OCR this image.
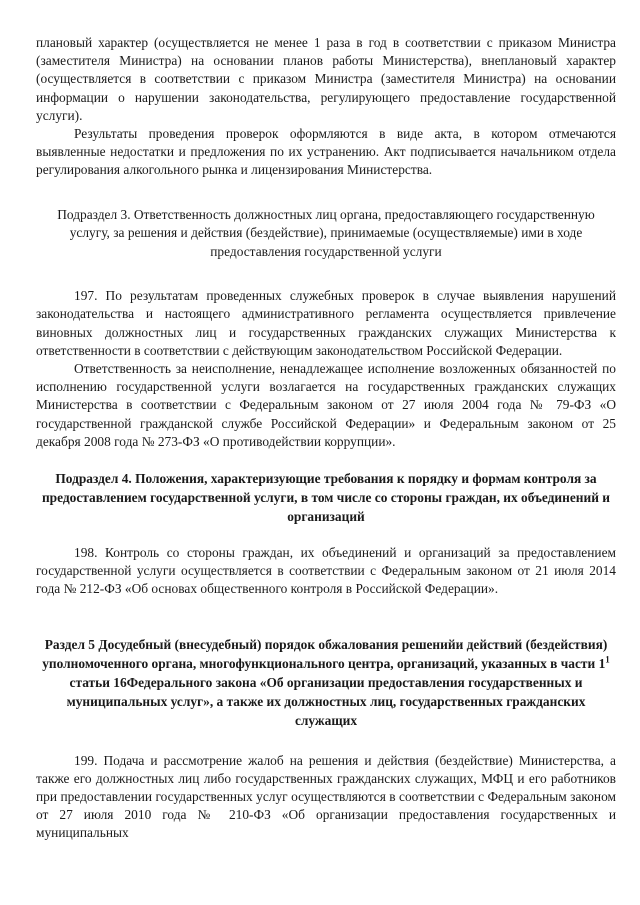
плановый характер (осуществляется не менее 1 раза в год в соответствии с приказом Министра (заместителя Министра) на основании планов работы Министерства), внеплановый характер (осуществляется в соответствии с приказом Министра (заместителя Министра) на основании информации о нарушении законодательства, регулирующего предоставление государственной услуги).

Результаты проведения проверок оформляются в виде акта, в котором отмечаются выявленные недостатки и предложения по их устранению. Акт подписывается начальником отдела регулирования алкогольного рынка и лицензирования Министерства.

Подраздел 3. Ответственность должностных лиц органа, предоставляющего государственную услугу, за решения и действия (бездействие), принимаемые (осуществляемые) ими в ходе предоставления государственной услуги

197. По результатам проведенных служебных проверок в случае выявления нарушений законодательства и настоящего административного регламента осуществляется привлечение виновных должностных лиц и государственных гражданских служащих Министерства к ответственности в соответствии с действующим законодательством Российской Федерации.

Ответственность за неисполнение, ненадлежащее исполнение возложенных обязанностей по исполнению государственной услуги возлагается на государственных гражданских служащих Министерства в соответствии с Федеральным законом от 27 июля 2004 года № 79-ФЗ «О государственной гражданской службе Российской Федерации» и Федеральным законом от 25 декабря 2008 года № 273-ФЗ «О противодействии коррупции».

Подраздел 4. Положения, характеризующие требования к порядку и формам контроля за предоставлением государственной услуги, в том числе со стороны граждан, их объединений и организаций

198. Контроль со стороны граждан, их объединений и организаций за предоставлением государственной услуги осуществляется в соответствии с Федеральным законом от 21 июля 2014 года № 212-ФЗ «Об основах общественного контроля в Российской Федерации».

Раздел 5 Досудебный (внесудебный) порядок обжалования решенийи действий (бездействия) уполномоченного органа, многофункционального центра, организаций, указанных в части $1^1$ статьи 16Федерального закона «Об организации предоставления государственных и муниципальных услуг», а также их должностных лиц, государственных гражданских служащих

199. Подача и рассмотрение жалоб на решения и действия (бездействие) Министерства, а также его должностных лиц либо государственных гражданских служащих, МФЦ и его работников при предоставлении государственных услуг осуществляются в соответствии с Федеральным законом от 27 июля 2010 года № 210-ФЗ «Об организации предоставления государственных и муниципальных
